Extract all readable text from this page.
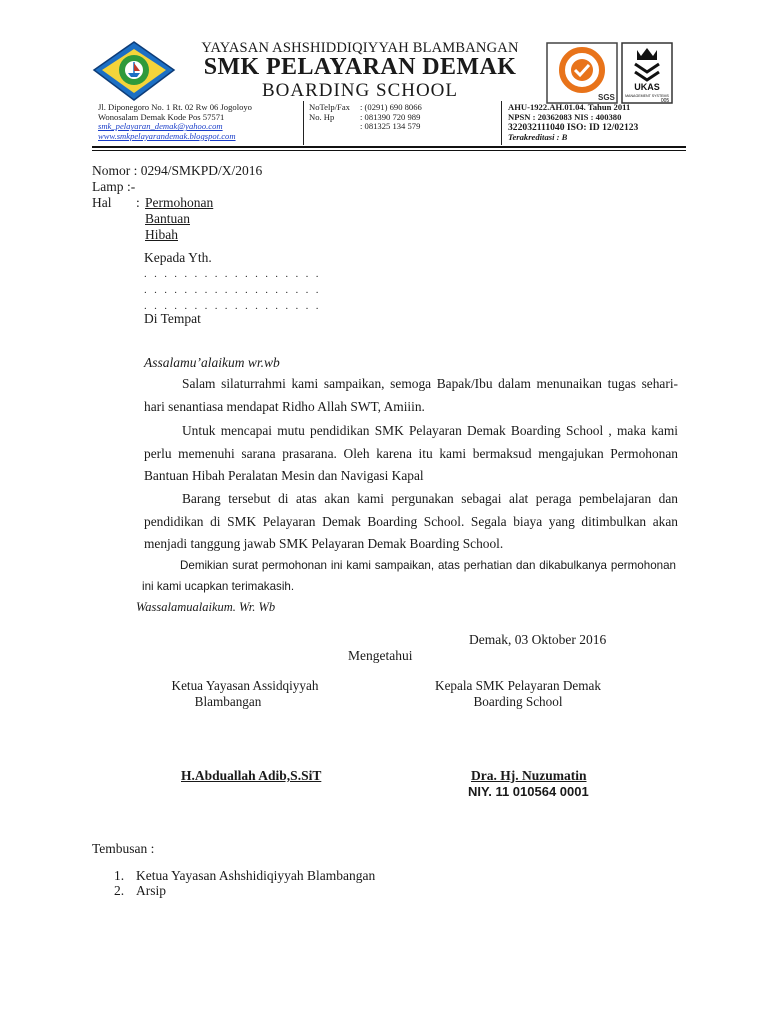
YAYASAN ASHSHIDDIQIYYAH BLAMBANGAN
SMK PELAYARAN DEMAK
BOARDING SCHOOL	SGS
UKAS
MANAGEMENT SYSTEMS
005
Jl. Diponegoro No. 1 Rt. 02 Rw 06 Jogoloyo
Wonosalam Demak Kode Pos 57571
smk_pelayaran_demak@yahoo.com
www.smkpelayarandemak.blogspot.com
NoTelp/Fax : (0291) 690 8066
No. Hp	: 081390 720 989
: 081325 134 579

AHU-1922.AH.01.04. Tahun 2011
NPSN : 20362083 NIS : 400380
322032111040 ISO: ID 12/02123
Terakreditasi : B
Nomor : 0294/SMKPD/X/2016
Lamp :-
Hal : Permohonan Bantuan Hibah
Kepada Yth.
. . . . . . . . . . . . . . . . . .
. . . . . . . . . . . . . . . . . .
. . . . . . . . . . . . . . . . . .
Di Tempat
Assalamu’alaikum wr.wb
Salam silaturrahmi kami sampaikan, semoga Bapak/Ibu dalam menunaikan tugas sehari-hari senantiasa mendapat Ridho Allah SWT, Amiiin.
Untuk mencapai mutu pendidikan SMK Pelayaran Demak Boarding School , maka kami perlu memenuhi sarana prasarana. Oleh karena itu kami bermaksud mengajukan Permohonan Bantuan Hibah Peralatan Mesin dan Navigasi Kapal
Barang tersebut di atas akan kami pergunakan sebagai alat peraga pembelajaran dan pendidikan di SMK Pelayaran Demak Boarding School. Segala biaya yang ditimbulkan akan menjadi tanggung jawab SMK Pelayaran Demak Boarding School.
Demikian surat permohonan ini kami sampaikan, atas perhatian dan dikabulkanya permohonan ini kami ucapkan terimakasih.
Wassalamualaikum. Wr. Wb
Demak, 03 Oktober 2016
Mengetahui
Ketua Yayasan Assidqiyyah
Blambangan
Kepala SMK Pelayaran Demak
Boarding School
H.Abduallah Adib,S.SiT	Dra. Hj. Nuzumatin
NIY. 11 010564 0001
Tembusan :
1. Ketua Yayasan Ashshidiqiyyah Blambangan
2. Arsip
